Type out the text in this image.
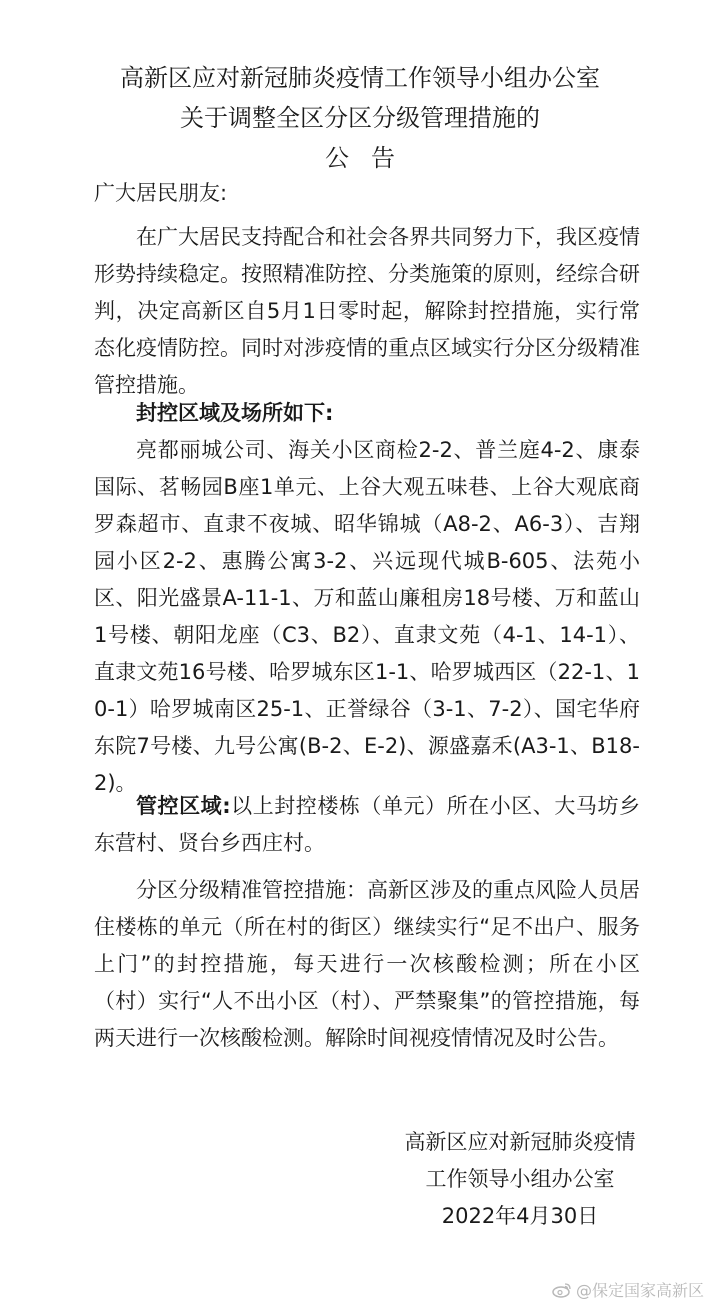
高新区应对新冠肺炎疫情工作领导小组办公室
关于调整全区分区分级管理措施的
公告
广大居民朋友:
在广大居民支持配合和社会各界共同努力下，我区疫情形势持续稳定。按照精准防控、分类施策的原则，经综合研判，决定高新区自5月1日零时起，解除封控措施，实行常态化疫情防控。同时对涉疫情的重点区域实行分区分级精准管控措施。
封控区域及场所如下:
亮都丽城公司、海关小区商检2-2、普兰庭4-2、康泰国际、茗畅园B座1单元、上谷大观五味巷、上谷大观底商罗森超市、直隶不夜城、昭华锦城（A8-2、A6-3）、吉翔园小区2-2、惠腾公寓3-2、兴远现代城B-605、法苑小区、阳光盛景A-11-1、万和蓝山廉租房18号楼、万和蓝山1号楼、朝阳龙座（C3、B2）、直隶文苑（4-1、14-1）、直隶文苑16号楼、哈罗城东区1-1、哈罗城西区（22-1、10-1）哈罗城南区25-1、正誉绿谷（3-1、7-2）、国宅华府东院7号楼、九号公寓(B-2、E-2)、源盛嘉禾(A3-1、B18-2)。
管控区域:以上封控楼栋（单元）所在小区、大马坊乡东营村、贤台乡西庄村。
分区分级精准管控措施：高新区涉及的重点风险人员居住楼栋的单元（所在村的街区）继续实行“足不出户、服务上门”的封控措施，每天进行一次核酸检测；所在小区（村）实行“人不出小区（村）、严禁聚集”的管控措施，每两天进行一次核酸检测。解除时间视疫情情况及时公告。
高新区应对新冠肺炎疫情
工作领导小组办公室
2022年4月30日
@保定国家高新区
